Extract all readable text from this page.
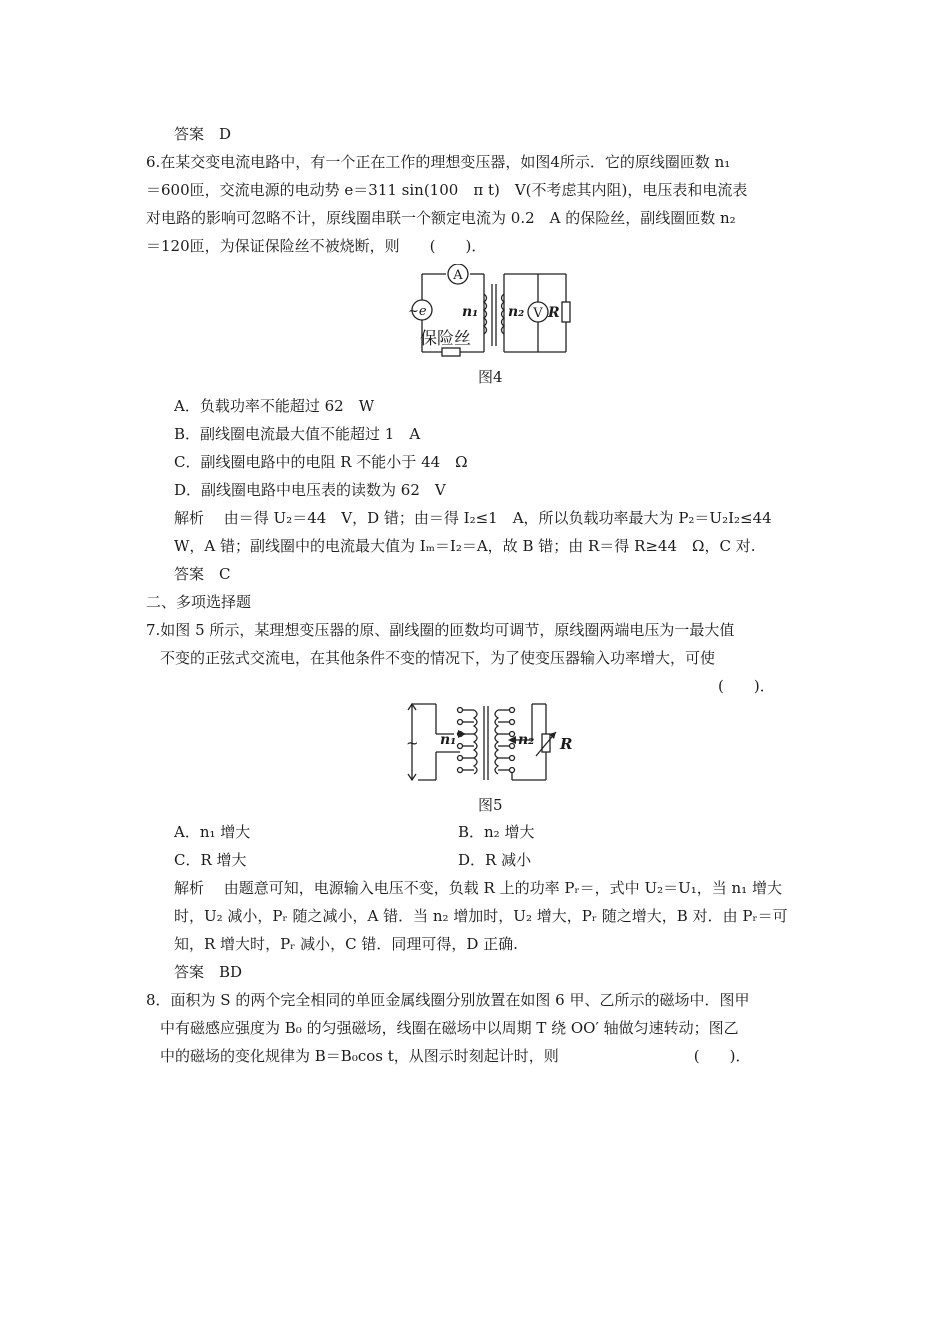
答案　D
6.在某交变电流电路中，有一个正在工作的理想变压器，如图4所示．它的原线圈匝数 n₁
＝600匝，交流电源的电动势 e＝311 sin(100　π t)　V(不考虑其内阻)，电压表和电流表
对电路的影响可忽略不计，原线圈串联一个额定电流为 0.2　A 的保险丝，副线圈匝数 n₂
＝120匝，为保证保险丝不被烧断，则　　(　　)．
A
~e	n₁ n₂ V R
保险丝
图4
A．负载功率不能超过 62　W
B．副线圈电流最大值不能超过 1　A
C．副线圈电路中的电阻 R 不能小于 44　Ω
D．副线圈电路中电压表的读数为 62　V
解析　 由＝得 U₂＝44　V，D 错；由＝得 I₂≤1　A，所以负载功率最大为 P₂＝U₂I₂≤44
W，A 错；副线圈中的电流最大值为 Iₘ＝I₂＝A，故 B 错；由 R＝得 R≥44　Ω，C 对.
答案　C
二、多项选择题
7.如图 5 所示，某理想变压器的原、副线圈的匝数均可调节，原线圈两端电压为一最大值
不变的正弦式交流电，在其他条件不变的情况下，为了使变压器输入功率增大，可使
(　　)．
~ n₁	n₂ R
图5
A．n₁ 增大	B．n₂ 增大
C．R 增大	D．R 减小
解析　 由题意可知，电源输入电压不变，负载 R 上的功率 Pᵣ＝，式中 U₂＝U₁，当 n₁ 增大
时，U₂ 减小，Pᵣ 随之减小，A 错．当 n₂ 增加时，U₂ 增大，Pᵣ 随之增大，B 对．由 Pᵣ＝可
知，R 增大时，Pᵣ 减小，C 错．同理可得，D 正确.
答案　BD
8．面积为 S 的两个完全相同的单匝金属线圈分别放置在如图 6 甲、乙所示的磁场中．图甲
中有磁感应强度为 B₀ 的匀强磁场，线圈在磁场中以周期 T 绕 OO′ 轴做匀速转动；图乙
中的磁场的变化规律为 B＝B₀cos t，从图示时刻起计时，则　　　　　　　　　(　　)．
